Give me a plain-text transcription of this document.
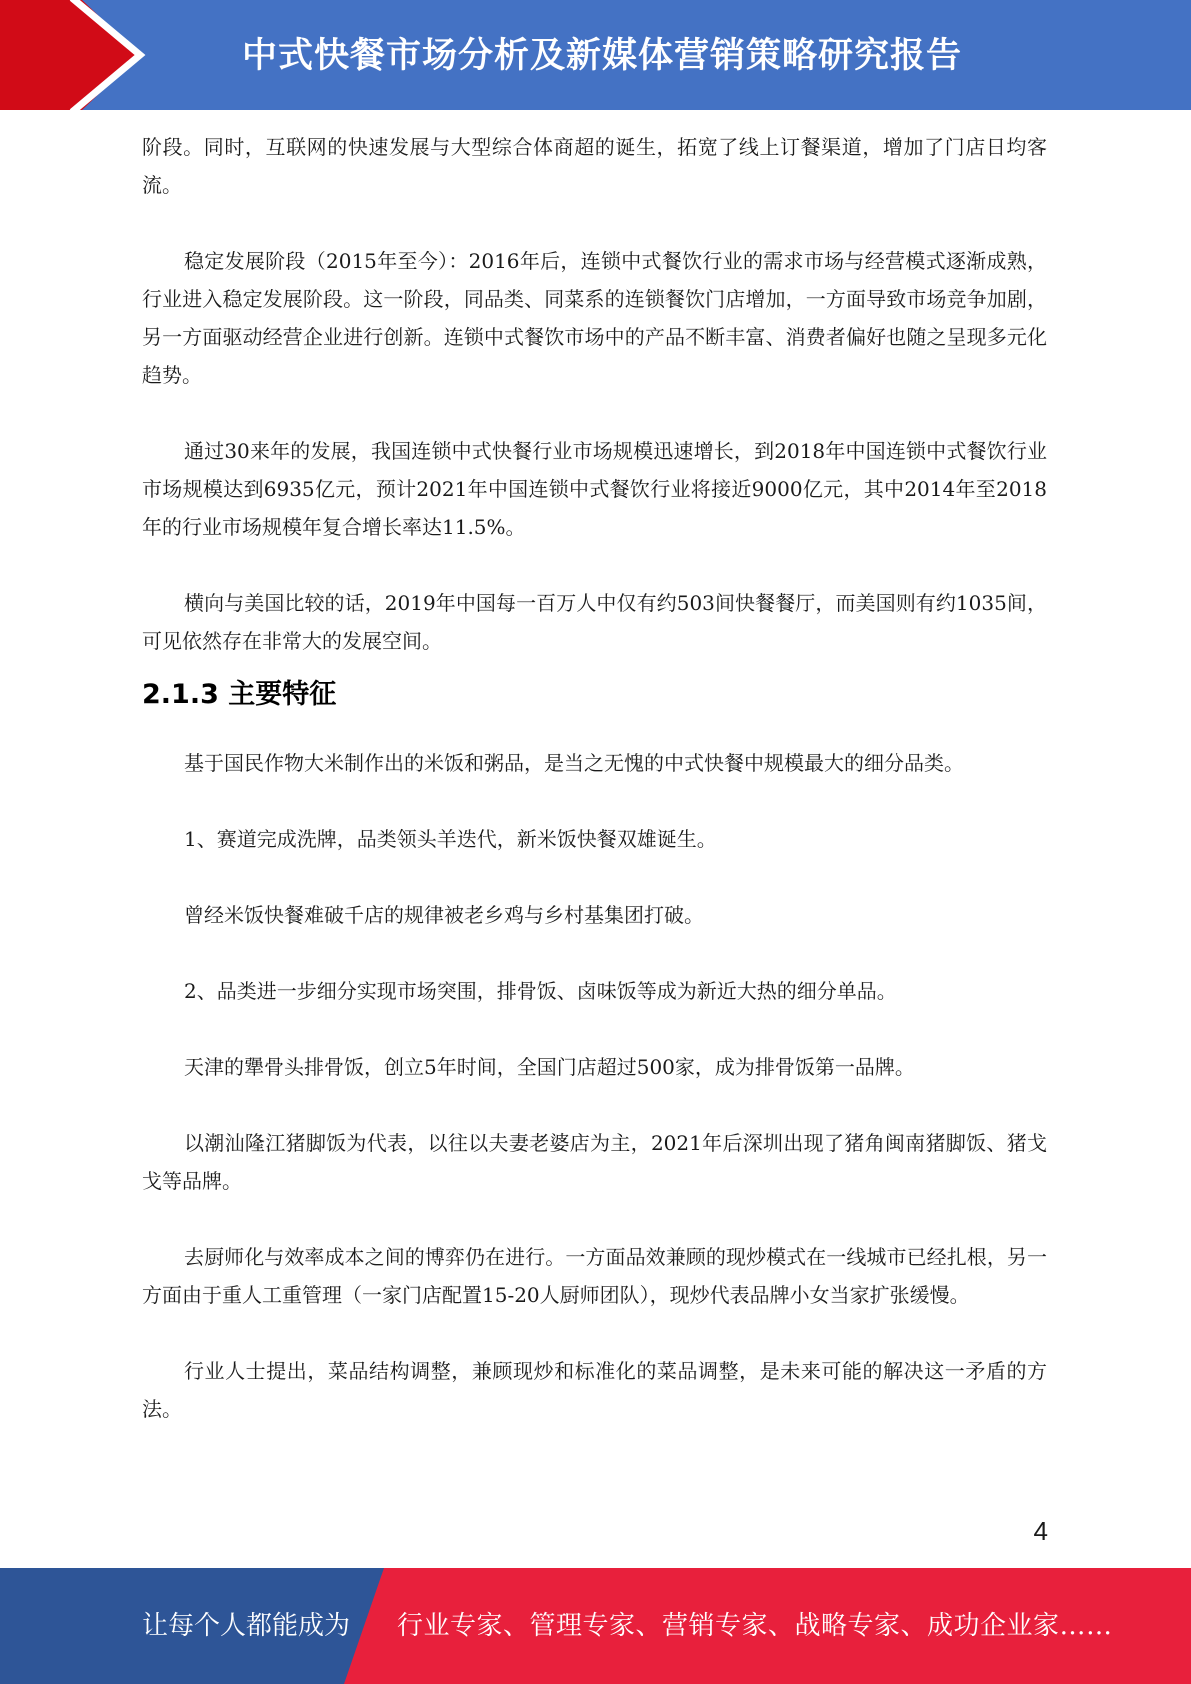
中式快餐市场分析及新媒体营销策略研究报告

阶段。同时，互联网的快速发展与大型综合体商超的诞生，拓宽了线上订餐渠道，增加了门店日均客流。

稳定发展阶段（2015年至今）：2016年后，连锁中式餐饮行业的需求市场与经营模式逐渐成熟，行业进入稳定发展阶段。这一阶段，同品类、同菜系的连锁餐饮门店增加，一方面导致市场竞争加剧，另一方面驱动经营企业进行创新。连锁中式餐饮市场中的产品不断丰富、消费者偏好也随之呈现多元化趋势。

通过30来年的发展，我国连锁中式快餐行业市场规模迅速增长，到2018年中国连锁中式餐饮行业市场规模达到6935亿元，预计2021年中国连锁中式餐饮行业将接近9000亿元，其中2014年至2018年的行业市场规模年复合增长率达11.5%。

横向与美国比较的话，2019年中国每一百万人中仅有约503间快餐餐厅，而美国则有约1035间，可见依然存在非常大的发展空间。

2.1.3 主要特征

基于国民作物大米制作出的米饭和粥品，是当之无愧的中式快餐中规模最大的细分品类。

1、赛道完成洗牌，品类领头羊迭代，新米饭快餐双雄诞生。

曾经米饭快餐难破千店的规律被老乡鸡与乡村基集团打破。

2、品类进一步细分实现市场突围，排骨饭、卤味饭等成为新近大热的细分单品。

天津的犟骨头排骨饭，创立5年时间，全国门店超过500家，成为排骨饭第一品牌。

以潮汕隆江猪脚饭为代表，以往以夫妻老婆店为主，2021年后深圳出现了猪角闽南猪脚饭、猪戈戈等品牌。

去厨师化与效率成本之间的博弈仍在进行。一方面品效兼顾的现炒模式在一线城市已经扎根，另一方面由于重人工重管理（一家门店配置15-20人厨师团队），现炒代表品牌小女当家扩张缓慢。

行业人士提出，菜品结构调整，兼顾现炒和标准化的菜品调整，是未来可能的解决这一矛盾的方法。

4
让每个人都能成为 行业专家、管理专家、营销专家、战略专家、成功企业家……
